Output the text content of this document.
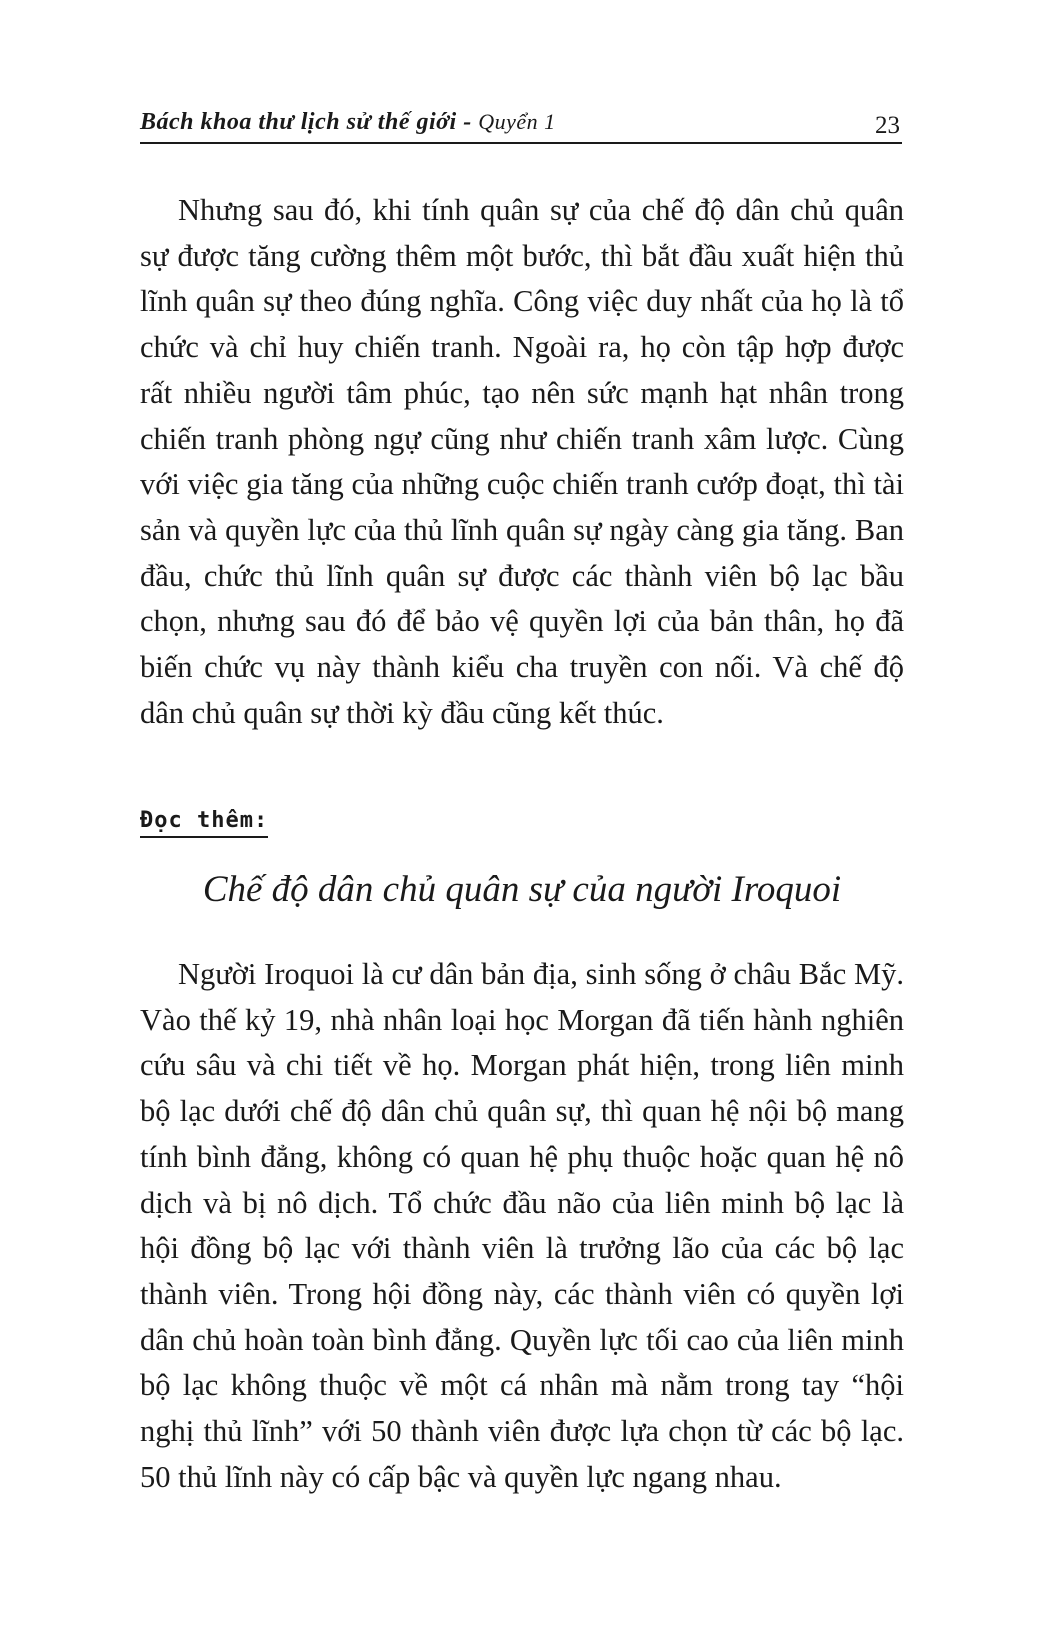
Bách khoa thư lịch sử thế giới - Quyển 1	23

Nhưng sau đó, khi tính quân sự của chế độ dân chủ quân sự được tăng cường thêm một bước, thì bắt đầu xuất hiện thủ lĩnh quân sự theo đúng nghĩa. Công việc duy nhất của họ là tổ chức và chỉ huy chiến tranh. Ngoài ra, họ còn tập hợp được rất nhiều người tâm phúc, tạo nên sức mạnh hạt nhân trong chiến tranh phòng ngự cũng như chiến tranh xâm lược. Cùng với việc gia tăng của những cuộc chiến tranh cướp đoạt, thì tài sản và quyền lực của thủ lĩnh quân sự ngày càng gia tăng. Ban đầu, chức thủ lĩnh quân sự được các thành viên bộ lạc bầu chọn, nhưng sau đó để bảo vệ quyền lợi của bản thân, họ đã biến chức vụ này thành kiểu cha truyền con nối. Và chế độ dân chủ quân sự thời kỳ đầu cũng kết thúc.

Đọc thêm:
Chế độ dân chủ quân sự của người Iroquoi

Người Iroquoi là cư dân bản địa, sinh sống ở châu Bắc Mỹ. Vào thế kỷ 19, nhà nhân loại học Morgan đã tiến hành nghiên cứu sâu và chi tiết về họ. Morgan phát hiện, trong liên minh bộ lạc dưới chế độ dân chủ quân sự, thì quan hệ nội bộ mang tính bình đẳng, không có quan hệ phụ thuộc hoặc quan hệ nô dịch và bị nô dịch. Tổ chức đầu não của liên minh bộ lạc là hội đồng bộ lạc với thành viên là trưởng lão của các bộ lạc thành viên. Trong hội đồng này, các thành viên có quyền lợi dân chủ hoàn toàn bình đẳng. Quyền lực tối cao của liên minh bộ lạc không thuộc về một cá nhân mà nằm trong tay “hội nghị thủ lĩnh” với 50 thành viên được lựa chọn từ các bộ lạc. 50 thủ lĩnh này có cấp bậc và quyền lực ngang nhau.
